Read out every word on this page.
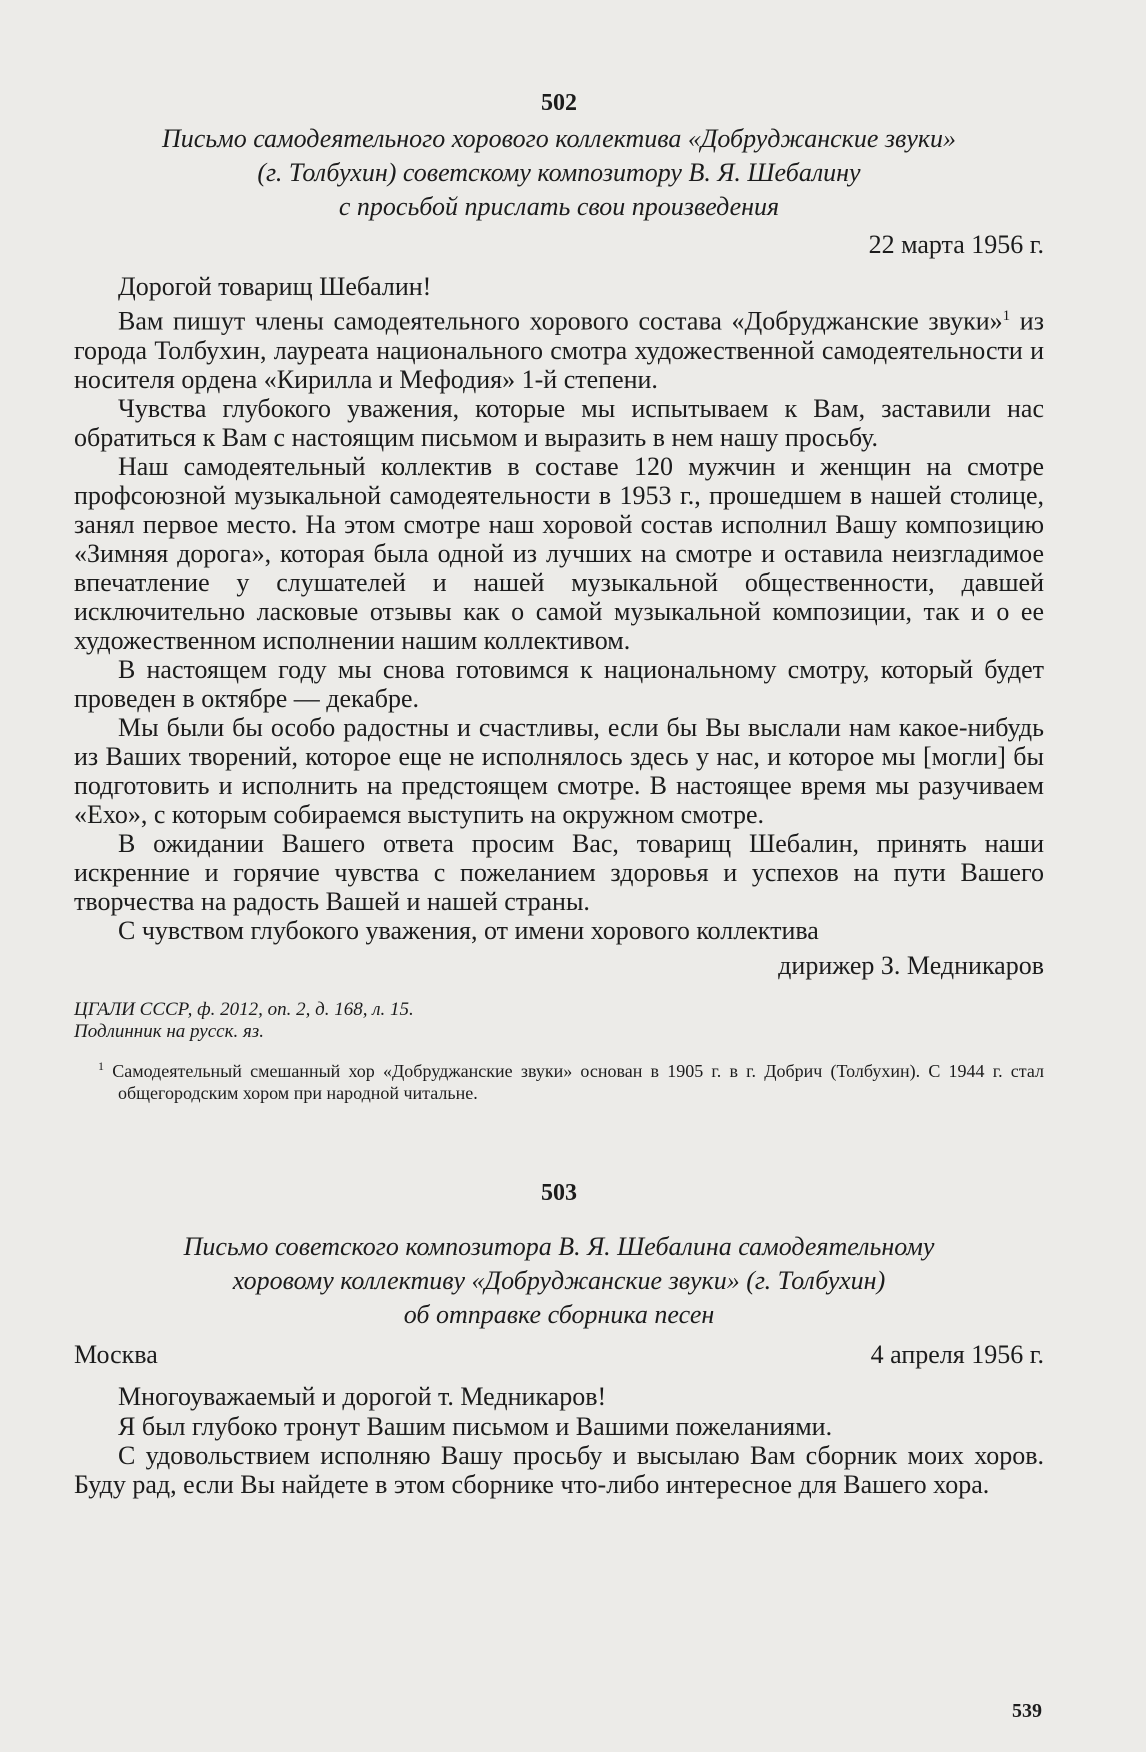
502
Письмо самодеятельного хорового коллектива «Добруджанские звуки»
(г. Толбухин) советскому композитору В. Я. Шебалину
с просьбой прислать свои произведения
22 марта 1956 г.
Дорогой товарищ Шебалин!

Вам пишут члены самодеятельного хорового состава «Добруджанские звуки»$^1$ из города Толбухин, лауреата национального смотра художественной самодеятельности и носителя ордена «Кирилла и Мефодия» 1-й степени.

Чувства глубокого уважения, которые мы испытываем к Вам, заставили нас обратиться к Вам с настоящим письмом и выразить в нем нашу просьбу.

Наш самодеятельный коллектив в составе 120 мужчин и женщин на смотре профсоюзной музыкальной самодеятельности в 1953 г., прошедшем в нашей столице, занял первое место. На этом смотре наш хоровой состав исполнил Вашу композицию «Зимняя дорога», которая была одной из лучших на смотре и оставила неизгладимое впечатление у слушателей и нашей музыкальной общественности, давшей исключительно ласковые отзывы как о самой музыкальной композиции, так и о ее художественном исполнении нашим коллективом.

В настоящем году мы снова готовимся к национальному смотру, который будет проведен в октябре — декабре.

Мы были бы особо радостны и счастливы, если бы Вы выслали нам какое-нибудь из Ваших творений, которое еще не исполнялось здесь у нас, и которое мы [могли] бы подготовить и исполнить на предстоящем смотре. В настоящее время мы разучиваем «Ехо», с которым собираемся выступить на окружном смотре.

В ожидании Вашего ответа просим Вас, товарищ Шебалин, принять наши искренние и горячие чувства с пожеланием здоровья и успехов на пути Вашего творчества на радость Вашей и нашей страны.

С чувством глубокого уважения, от имени хорового коллектива

дирижер З. Медникаров
ЦГАЛИ СССР, ф. 2012, оп. 2, д. 168, л. 15.
Подлинник на русск. яз.
$^1$ Самодеятельный смешанный хор «Добруджанские звуки» основан в 1905 г. в г. Добрич (Толбухин). С 1944 г. стал общегородским хором при народной читальне.
503
Письмо советского композитора В. Я. Шебалина самодеятельному
хоровому коллективу «Добруджанские звуки» (г. Толбухин)
об отправке сборника песен
Москва	4 апреля 1956 г.
Многоуважаемый и дорогой т. Медникаров!

Я был глубоко тронут Вашим письмом и Вашими пожеланиями.

С удовольствием исполняю Вашу просьбу и высылаю Вам сборник моих хоров. Буду рад, если Вы найдете в этом сборнике что-либо интересное для Вашего хора.

539
